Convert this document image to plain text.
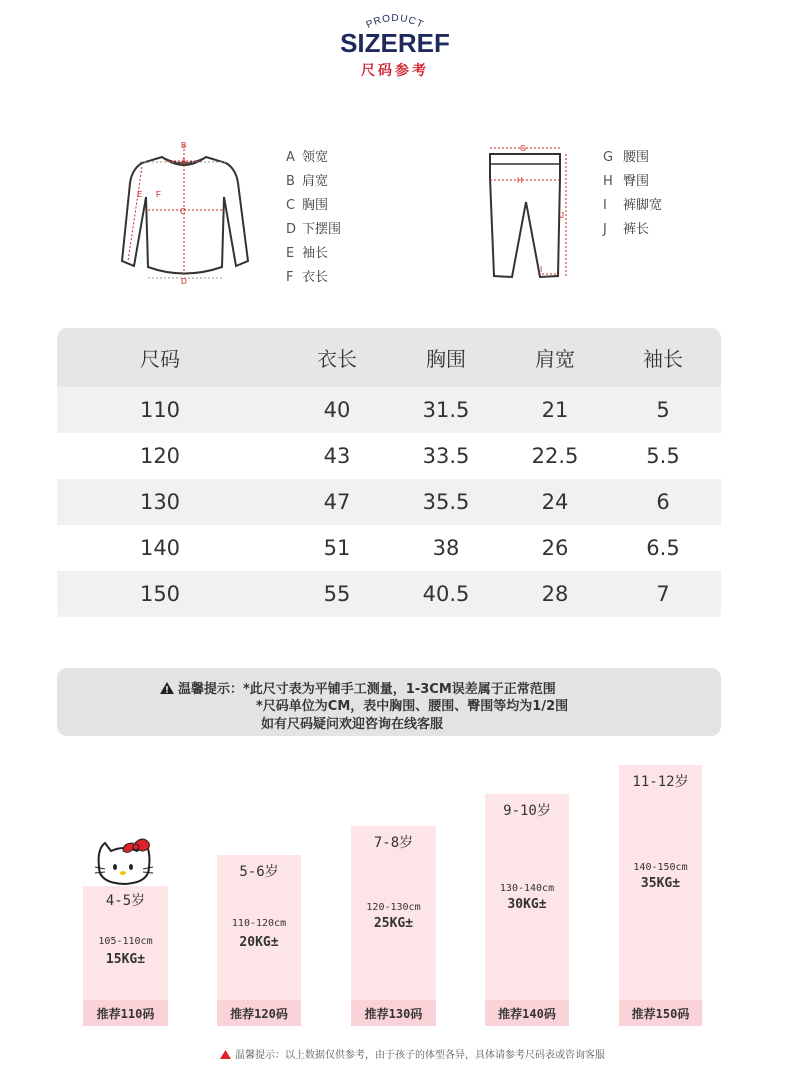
PRODUCT
SIZEREF
尺码参考
B
A
E F
C
D
A 领宽
B 肩宽
C 胸围
D 下摆围
E 袖长
F 衣长
G
H
J
I
G 腰围
H 臀围
I 裤脚宽
J 裤长
尺码	衣长	胸围	肩宽	袖长
110	40	31.5	21	5
120	43	33.5	22.5	5.5
130	47	35.5	24	6
140	51	38	26	6.5
150	55	40.5	28	7
温馨提示：*此尺寸表为平铺手工测量，1-3CM误差属于正常范围
*尺码单位为CM，表中胸围、腰围、臀围等均为1/2围
如有尺码疑问欢迎咨询在线客服
4-5岁
105-110cm
15KG±
推荐110码
5-6岁
110-120cm
20KG±
推荐120码
7-8岁
120-130cm
25KG±
推荐130码
9-10岁
130-140cm
30KG±
推荐140码
11-12岁
140-150cm
35KG±
推荐150码
温馨提示：以上数据仅供参考，由于孩子的体型各异，具体请参考尺码表或咨询客服
